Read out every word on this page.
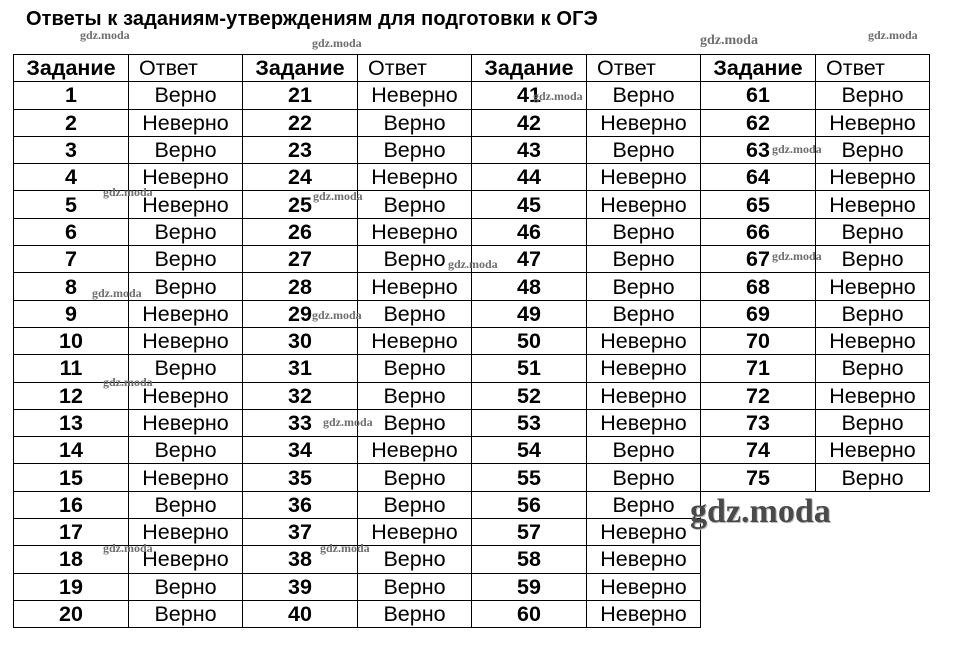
Ответы к заданиям-утверждениям для подготовки к ОГЭ
Задание	Ответ	Задание	Ответ	Задание	Ответ	Задание	Ответ
1	Верно	21	Неверно	41	Верно	61	Верно
2	Неверно	22	Верно	42	Неверно	62	Неверно
3	Верно	23	Верно	43	Верно	63	Верно
4	Неверно	24	Неверно	44	Неверно	64	Неверно
5	Неверно	25	Верно	45	Неверно	65	Неверно
6	Верно	26	Неверно	46	Верно	66	Верно
7	Верно	27	Верно	47	Верно	67	Верно
8	Верно	28	Неверно	48	Верно	68	Неверно
9	Неверно	29	Верно	49	Верно	69	Верно
10	Неверно	30	Неверно	50	Неверно	70	Неверно
11	Верно	31	Верно	51	Неверно	71	Верно
12	Неверно	32	Верно	52	Неверно	72	Неверно
13	Неверно	33	Верно	53	Неверно	73	Верно
14	Верно	34	Неверно	54	Верно	74	Неверно
15	Неверно	35	Верно	55	Верно	75	Верно
16	Верно	36	Верно	56	Верно		
17	Неверно	37	Неверно	57	Неверно		
18	Неверно	38	Верно	58	Неверно		
19	Верно	39	Верно	59	Неверно		
20	Верно	40	Верно	60	Неверно		
gdz.moda
gdz.moda	gdz.moda	gdz.moda
gdz.moda
gdz.moda
gdz.moda	gdz.moda
gdz.moda
gdz.moda
gdz.moda
gdz.moda
gdz.moda
gdz.moda
gdz.moda	gdz.moda
gdz.moda
